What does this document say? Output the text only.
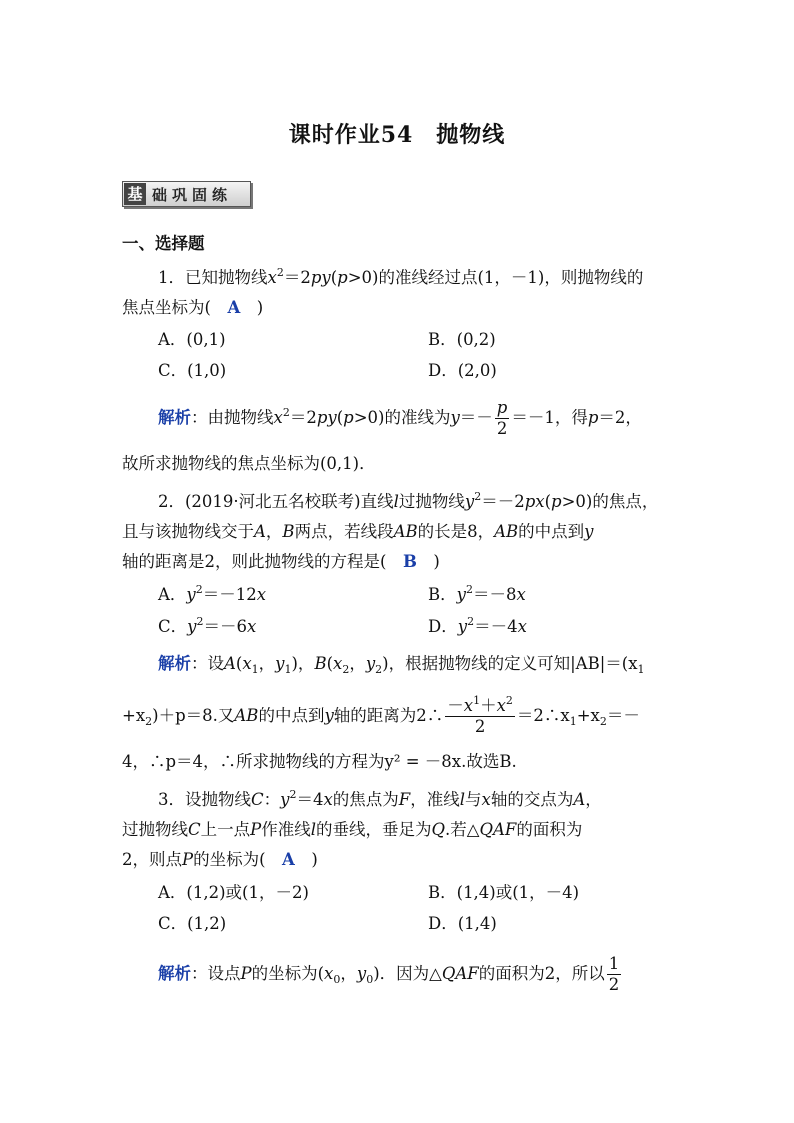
课时作业54　抛物线
基 础巩固练
一、选择题
1．已知抛物线$x^2=2py(p>0)$的准线经过点(1，－1)，则抛物线的
焦点坐标为(　A　)
A．(0,1)	B．(0,2)
C．(1,0)	D．(2,0)
解析：由抛物线$x^2=2py(p>0)$的准线为$y=- \frac{p}{2} =-1$，得p＝2，
故所求抛物线的焦点坐标为(0,1)．
2．(2019·河北五名校联考)直线l过抛物线$y^2=-2px(p>0)$的焦点，
且与该抛物线交于A，B两点，若线段AB的长是8，AB的中点到y
轴的距离是2，则此抛物线的方程是(　B　)
A．$y^2=-12x$	B．$y^2=-8x$
C．$y^2=-6x$	D．$y^2=-4x$
解析：设$A(x_1$，$y_1$)，$B(x_2$，$y_2$)，根据抛物线的定义可知$|AB|=(x_1$
$+x_2)+p=8$.又AB的中点到y轴的距离为2∴ $\frac{-x^1+x^2}{2}$ $=2\therefore x_1+x_2=-$
4，∴p＝4，∴所求抛物线的方程为y² = －8x.故选B.
3．设抛物线C：$y^2=4x$的焦点为F，准线l与x轴的交点为A，
过抛物线C上一点P作准线l的垂线，垂足为Q.若△QAF的面积为
2，则点P的坐标为(　A　)
A．(1,2)或(1，－2)	B．(1,4)或(1，－4)
C．(1,2)	D．(1,4)
解析：设点P的坐标为($x_0$，$y_0$)．因为△QAF的面积为2，所以 $\frac{1}{2}$
